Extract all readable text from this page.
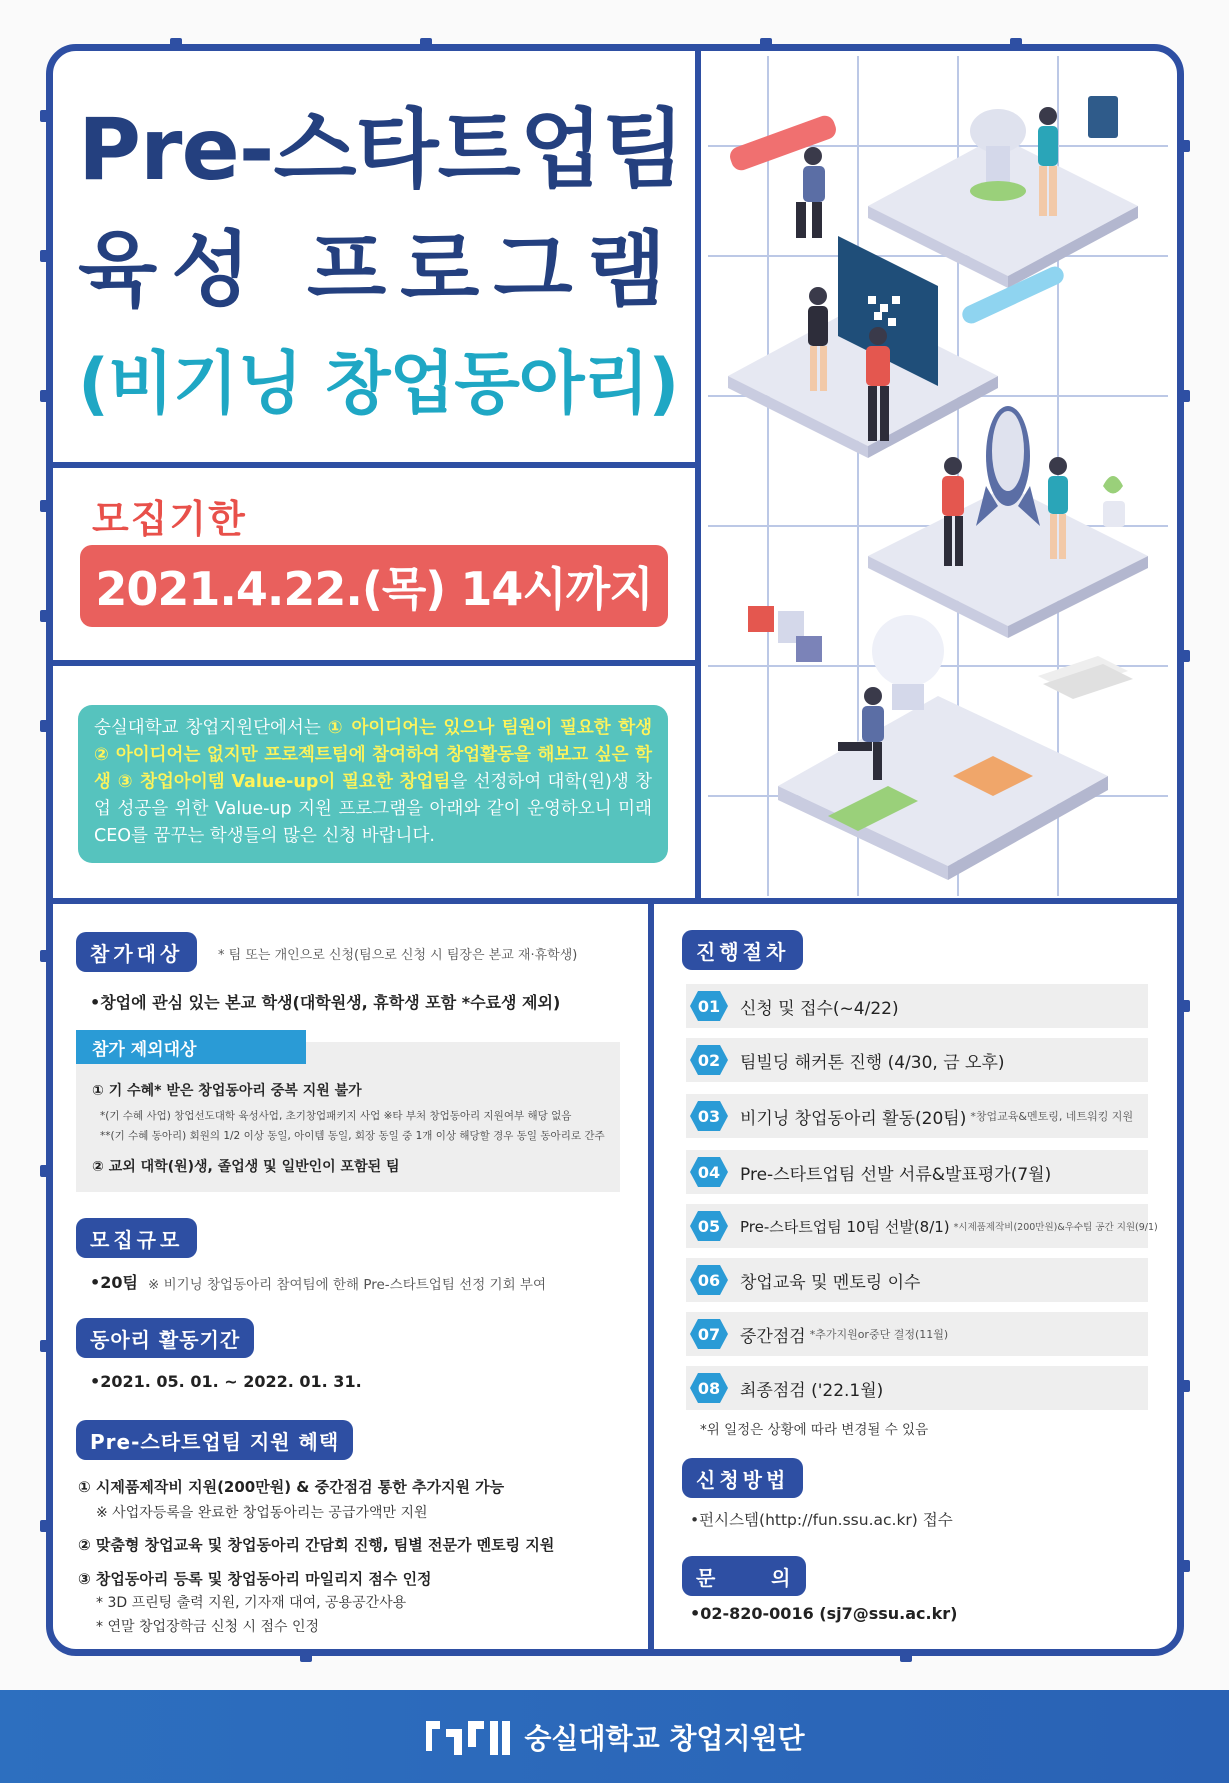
Pre-스타트업팀
육성 프로그램
(비기닝 창업동아리)
모집기한
2021.4.22.(목) 14시까지
숭실대학교 창업지원단에서는 ① 아이디어는 있으나 팀원이 필요한 학생 ② 아이디어는 없지만 프로젝트팀에 참여하여 창업활동을 해보고 싶은 학생 ③ 창업아이템 Value-up이 필요한 창업팀을 선정하여 대학(원)생 창업 성공을 위한 Value-up 지원 프로그램을 아래와 같이 운영하오니 미래 CEO를 꿈꾸는 학생들의 많은 신청 바랍니다.
참가대상	* 팀 또는 개인으로 신청(팀으로 신청 시 팀장은 본교 재·휴학생)
•창업에 관심 있는 본교 학생(대학원생, 휴학생 포함 *수료생 제외)
참가 제외대상
① 기 수혜* 받은 창업동아리 중복 지원 불가
*(기 수혜 사업) 창업선도대학 육성사업, 초기창업패키지 사업 ※타 부처 창업동아리 지원여부 해당 없음
**(기 수혜 동아리) 회원의 1/2 이상 동일, 아이템 동일, 회장 동일 중 1개 이상 해당할 경우 동일 동아리로 간주
② 교외 대학(원)생, 졸업생 및 일반인이 포함된 팀
모집규모
•20팀 ※ 비기닝 창업동아리 참여팀에 한해 Pre-스타트업팀 선정 기회 부여
동아리 활동기간
•2021. 05. 01. ~ 2022. 01. 31.
Pre-스타트업팀 지원 혜택
① 시제품제작비 지원(200만원) & 중간점검 통한 추가지원 가능
※ 사업자등록을 완료한 창업동아리는 공급가액만 지원
② 맞춤형 창업교육 및 창업동아리 간담회 진행, 팀별 전문가 멘토링 지원
③ 창업동아리 등록 및 창업동아리 마일리지 점수 인정
* 3D 프린팅 출력 지원, 기자재 대여, 공용공간사용
* 연말 창업장학금 신청 시 점수 인정
진행절차
01	신청 및 접수(~4/22)
02	팀빌딩 해커톤 진행 (4/30, 금 오후)
03	비기닝 창업동아리 활동(20팀) *창업교육&멘토링, 네트워킹 지원
04	Pre-스타트업팀 선발 서류&발표평가(7월)
05	Pre-스타트업팀 10팀 선발(8/1) *시제품제작비(200만원)&우수팀 공간 지원(9/1)
06	창업교육 및 멘토링 이수
07	중간점검 *추가지원or중단 결정(11월)
08	최종점검 ('22.1월)
*위 일정은 상황에 따라 변경될 수 있음
신청방법
•펀시스템(http://fun.ssu.ac.kr) 접수
문      의
•02-820-0016 (sj7@ssu.ac.kr)
숭실대학교 창업지원단
